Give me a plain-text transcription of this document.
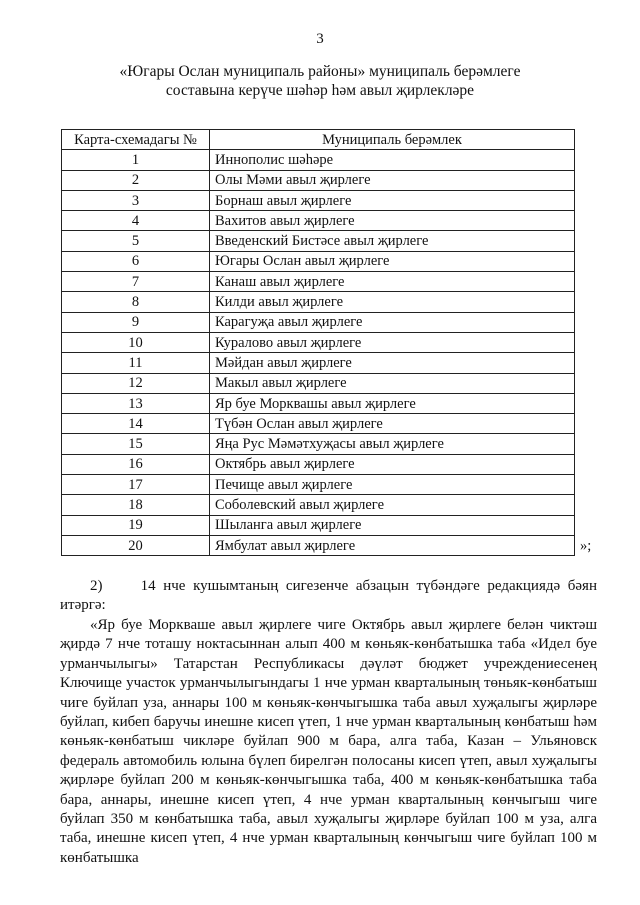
3
«Югары Ослан муниципаль районы» муниципаль берәмлеге
составына керүче шәһәр һәм авыл җирлекләре
Карта-схемадагы №	Муниципаль берәмлек
1	Иннополис шәһәре
2	Олы Мәми авыл җирлеге
3	Борнаш авыл җирлеге
4	Вахитов авыл җирлеге
5	Введенский Бистәсе авыл җирлеге
6	Югары Ослан авыл җирлеге
7	Канаш авыл җирлеге
8	Килди авыл җирлеге
9	Карагуҗа авыл җирлеге
10	Куралово авыл җирлеге
11	Мәйдан авыл җирлеге
12	Макыл авыл җирлеге
13	Яр буе Морквашы авыл җирлеге
14	Түбән Ослан авыл җирлеге
15	Яңа Рус Мәмәтхуҗасы авыл җирлеге
16	Октябрь авыл җирлеге
17	Печище авыл җирлеге
18	Соболевский авыл җирлеге
19	Шыланга авыл җирлеге
20	Ямбулат авыл җирлеге	»;
2)     14 нче кушымтаның сигезенче абзацын түбәндәге редакциядә бәян итәргә:
«Яр буе Моркваше авыл җирлеге чиге Октябрь авыл җирлеге белән чиктәш җирдә 7 нче тоташу ноктасыннан алып 400 м көньяк-көнбатышка таба «Идел буе урманчылыгы» Татарстан Республикасы дәүләт бюджет учреждениесенең Ключище участок урманчылыгындагы 1 нче урман кварталының төньяк-көнбатыш чиге буйлап уза, аннары 100 м көньяк-көнчыгышка таба авыл хуҗалыгы җирләре буйлап, кибеп баручы инешне кисеп үтеп, 1 нче урман кварталының көнбатыш һәм көньяк-көнбатыш чикләре буйлап 900 м бара, алга таба, Казан – Ульяновск федераль автомобиль юлына бүлеп бирелгән полосаны кисеп үтеп, авыл хуҗалыгы җирләре буйлап 200 м көньяк-көнчыгышка таба, 400 м көньяк-көнбатышка таба бара, аннары, инешне кисеп үтеп, 4 нче урман кварталының көнчыгыш чиге буйлап 350 м көнбатышка таба, авыл хуҗалыгы җирләре буйлап 100 м уза, алга таба, инешне кисеп үтеп, 4 нче урман кварталының көнчыгыш чиге буйлап 100 м көнбатышка
